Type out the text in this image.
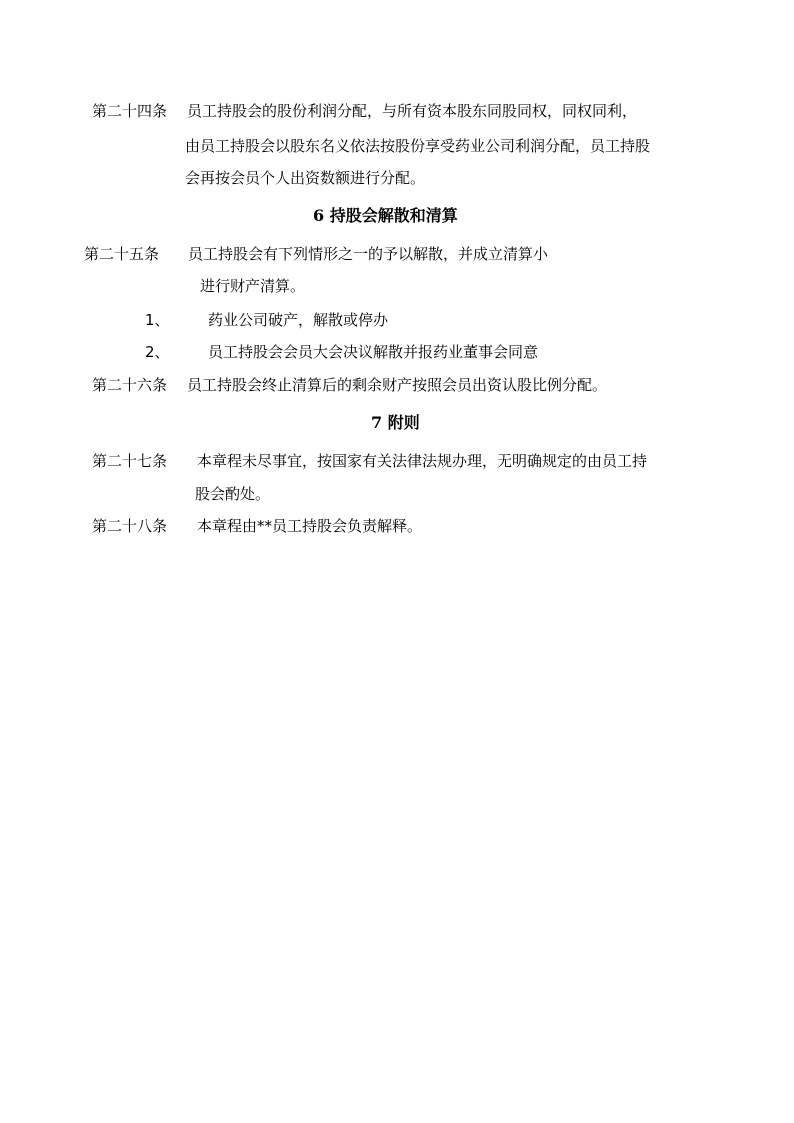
第二十四条 员工持股会的股份利润分配，与所有资本股东同股同权，同权同利，
由员工持股会以股东名义依法按股份享受药业公司利润分配，员工持股
会再按会员个人出资数额进行分配。
6 持股会解散和清算
第二十五条 员工持股会有下列情形之一的予以解散，并成立清算小
进行财产清算。
1、	药业公司破产，解散或停办
2、	员工持股会会员大会决议解散并报药业董事会同意
第二十六条 员工持股会终止清算后的剩余财产按照会员出资认股比例分配。
7 附则
第二十七条 本章程未尽事宜，按国家有关法律法规办理，无明确规定的由员工持
股会酌处。
第二十八条 本章程由**员工持股会负责解释。
